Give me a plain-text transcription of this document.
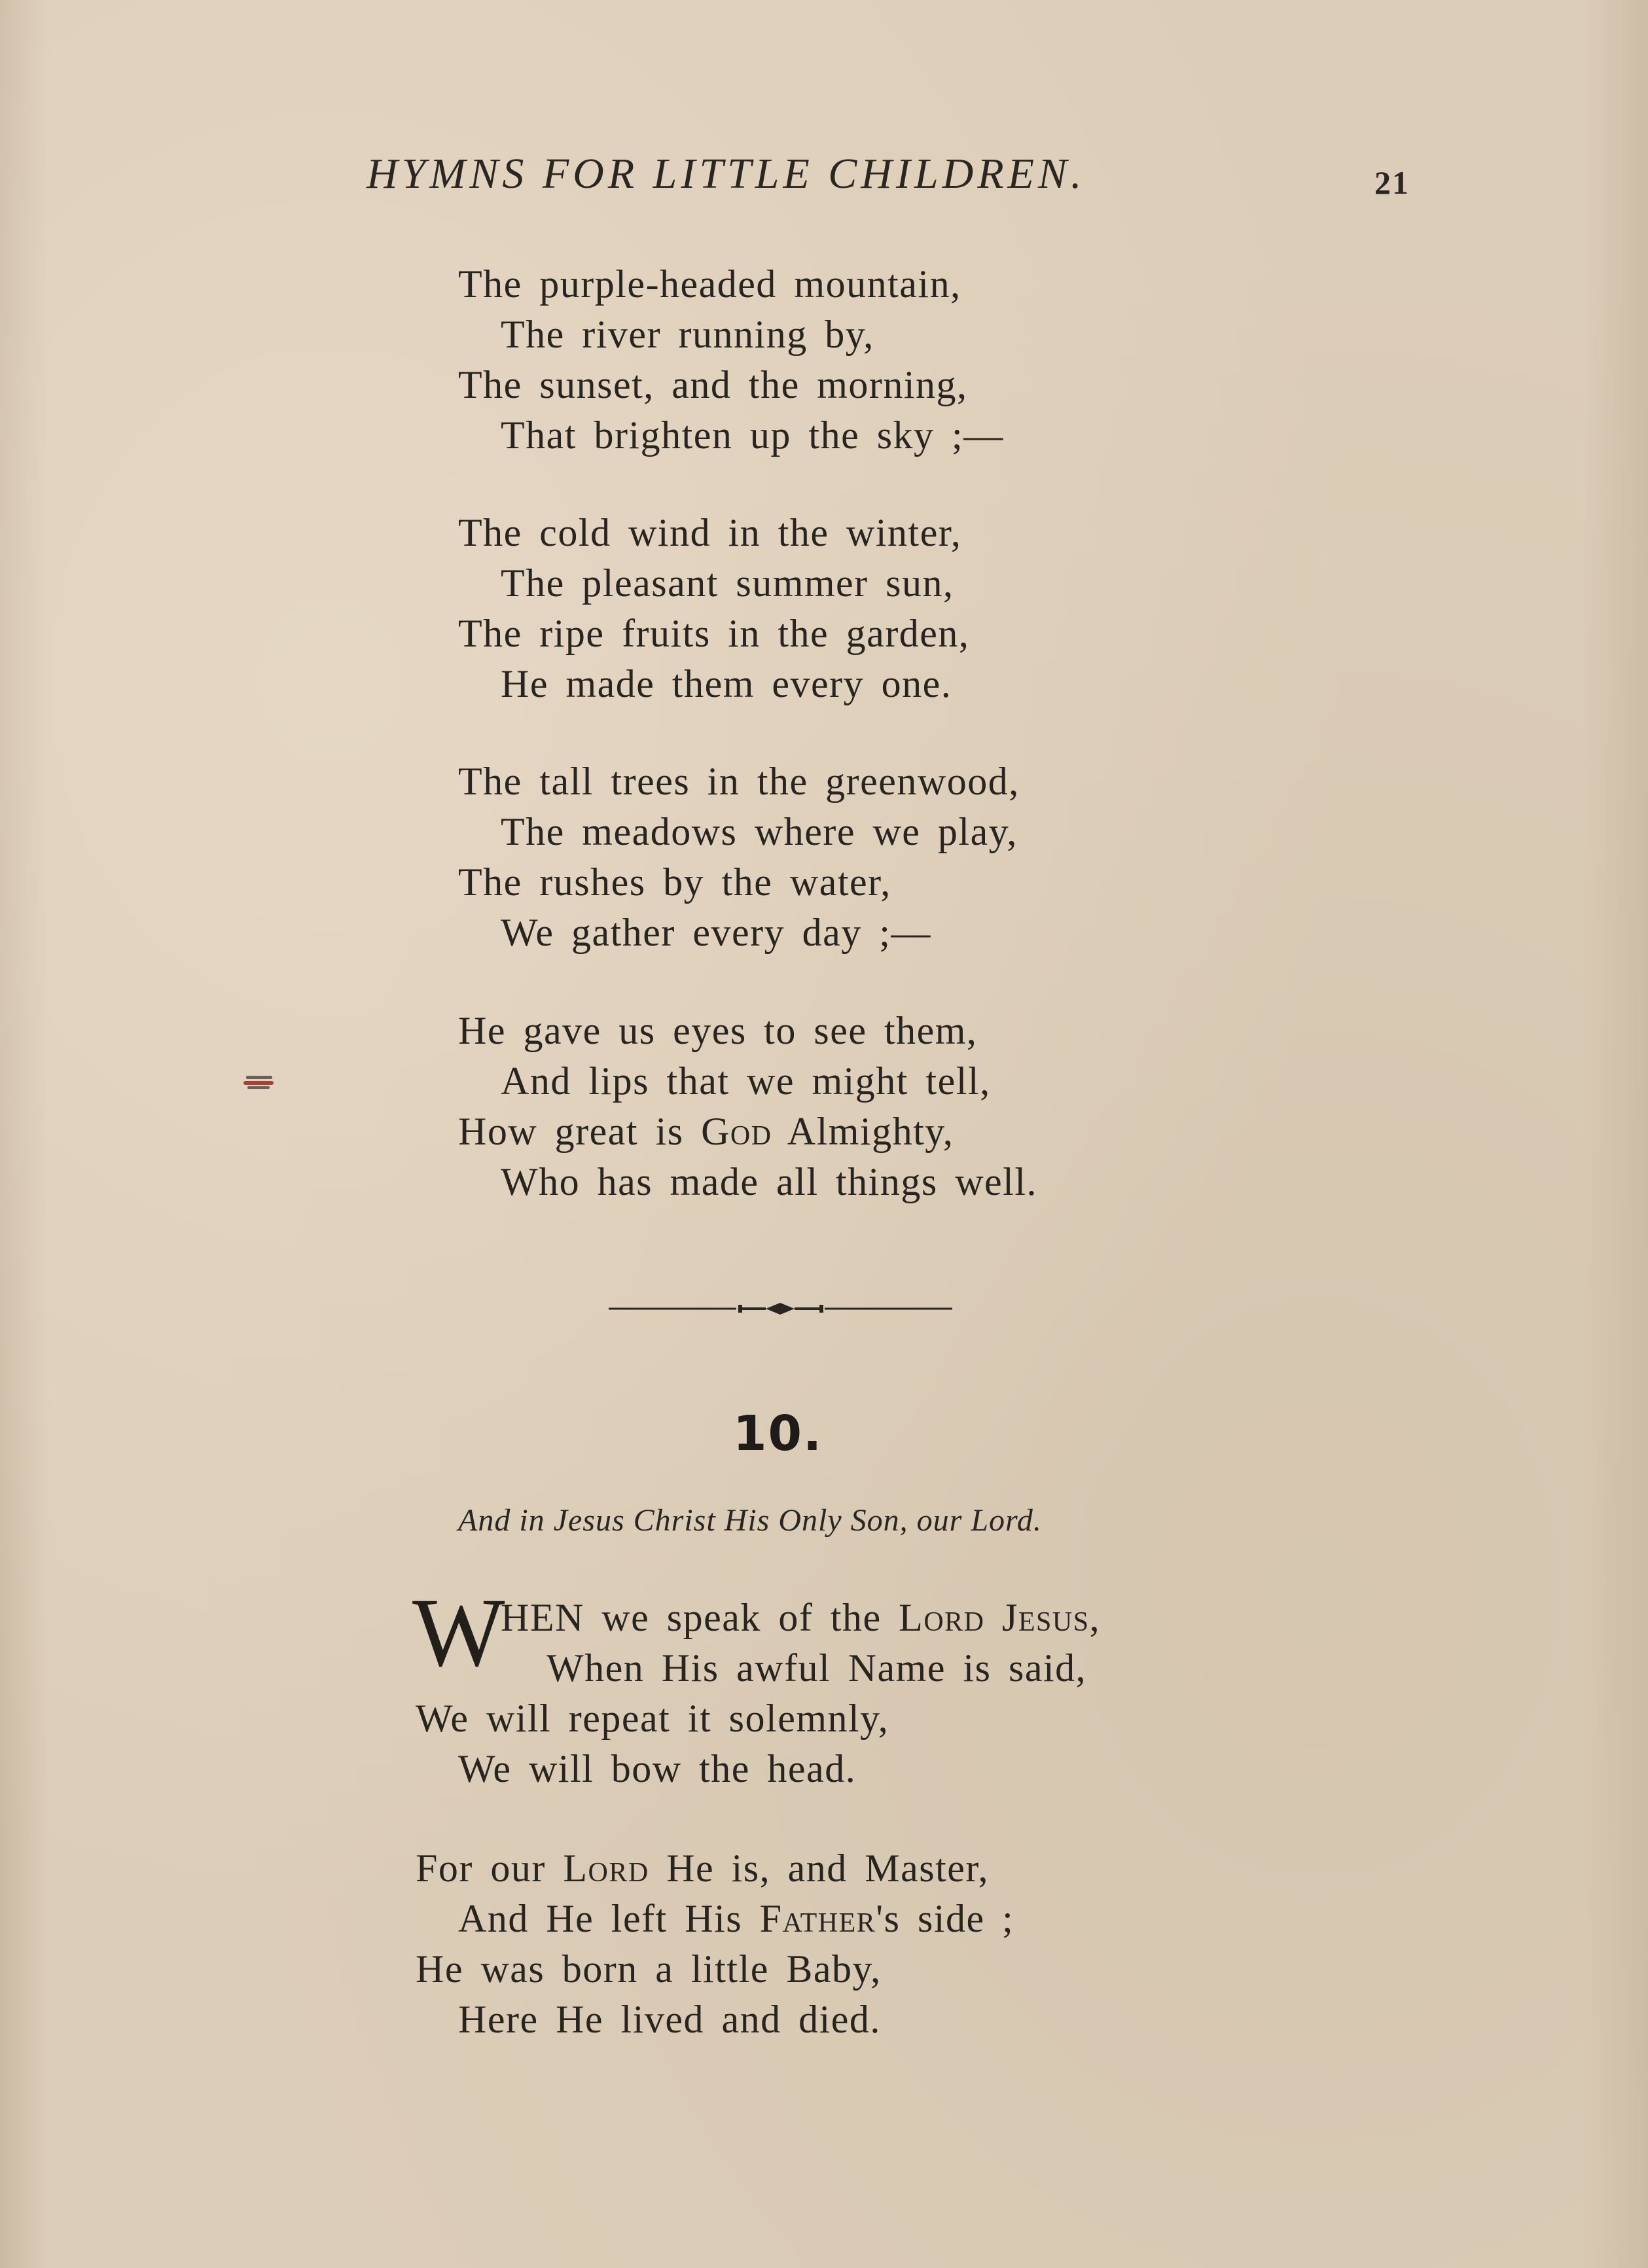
HYMNS FOR LITTLE CHILDREN.	21
The purple-headed mountain,
The river running by,
The sunset, and the morning,
That brighten up the sky ;—
The cold wind in the winter,
The pleasant summer sun,
The ripe fruits in the garden,
He made them every one.
The tall trees in the greenwood,
The meadows where we play,
The rushes by the water,
We gather every day ;—
He gave us eyes to see them,
And lips that we might tell,
How great is God Almighty,
Who has made all things well.
10.
And in Jesus Christ His Only Son, our Lord.
W
HEN we speak of the Lord Jesus,
When His awful Name is said,
We will repeat it solemnly,
We will bow the head.
For our Lord He is, and Master,
And He left His Father's side ;
He was born a little Baby,
Here He lived and died.
